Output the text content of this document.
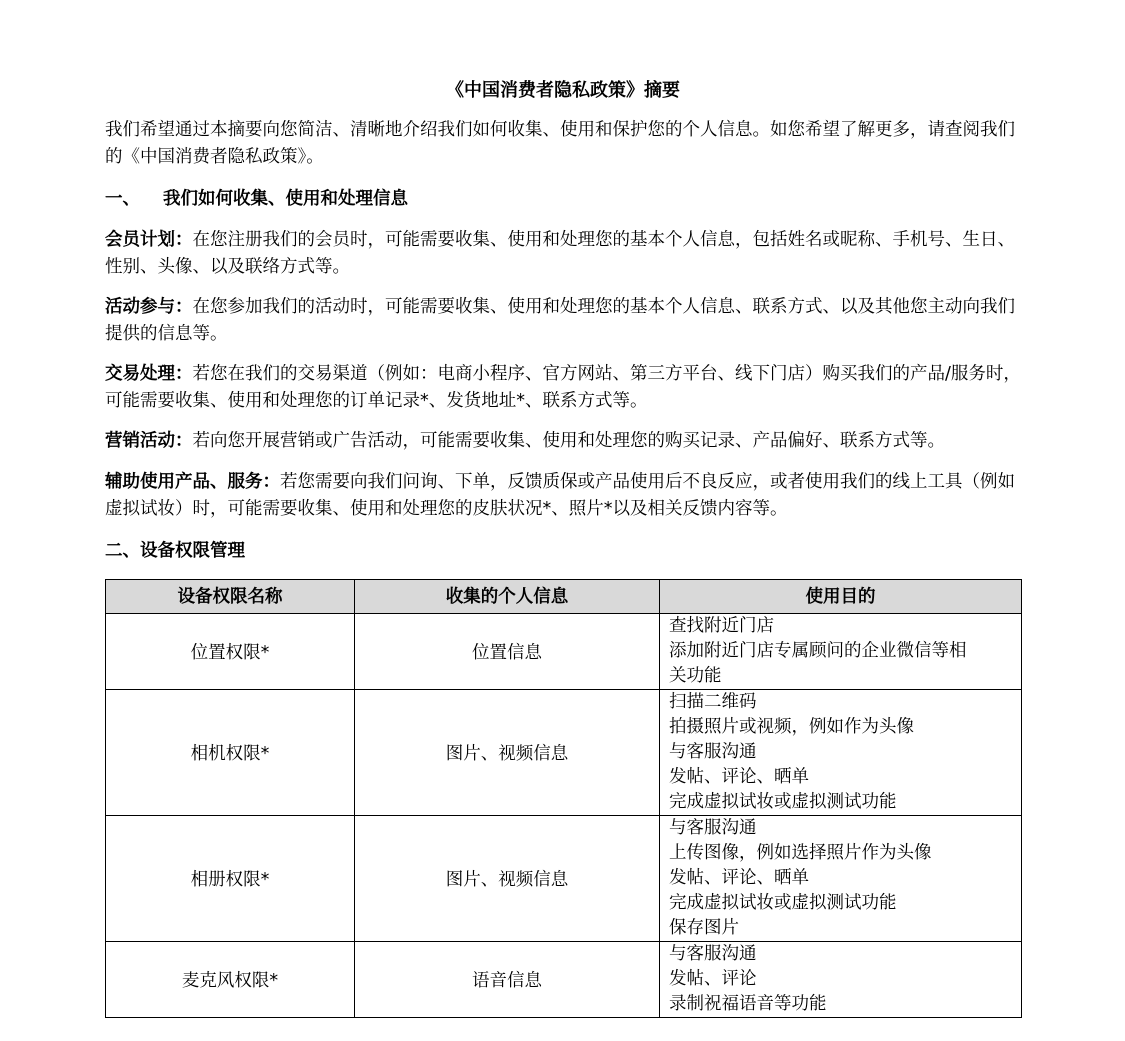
《中国消费者隐私政策》摘要

我们希望通过本摘要向您简洁、清晰地介绍我们如何收集、使用和保护您的个人信息。如您希望了解更多，请查阅我们的《中国消费者隐私政策》。

一、 我们如何收集、使用和处理信息

会员计划：在您注册我们的会员时，可能需要收集、使用和处理您的基本个人信息，包括姓名或昵称、手机号、生日、性别、头像、以及联络方式等。

活动参与：在您参加我们的活动时，可能需要收集、使用和处理您的基本个人信息、联系方式、以及其他您主动向我们提供的信息等。

交易处理：若您在我们的交易渠道（例如：电商小程序、官方网站、第三方平台、线下门店）购买我们的产品/服务时，可能需要收集、使用和处理您的订单记录*、发货地址*、联系方式等。

营销活动：若向您开展营销或广告活动，可能需要收集、使用和处理您的购买记录、产品偏好、联系方式等。

辅助使用产品、服务：若您需要向我们问询、下单，反馈质保或产品使用后不良反应，或者使用我们的线上工具（例如虚拟试妆）时，可能需要收集、使用和处理您的皮肤状况*、照片*以及相关反馈内容等。

二、设备权限管理
设备权限名称	收集的个人信息	使用目的
位置权限*	位置信息	查找附近门店
添加附近门店专属顾问的企业微信等相
关功能

相机权限*	图片、视频信息	扫描二维码
拍摄照片或视频，例如作为头像
与客服沟通
发帖、评论、晒单
完成虚拟试妆或虚拟测试功能

相册权限*	图片、视频信息	与客服沟通
上传图像，例如选择照片作为头像
发帖、评论、晒单
完成虚拟试妆或虚拟测试功能
保存图片

麦克风权限*	语音信息	与客服沟通
发帖、评论
录制祝福语音等功能
